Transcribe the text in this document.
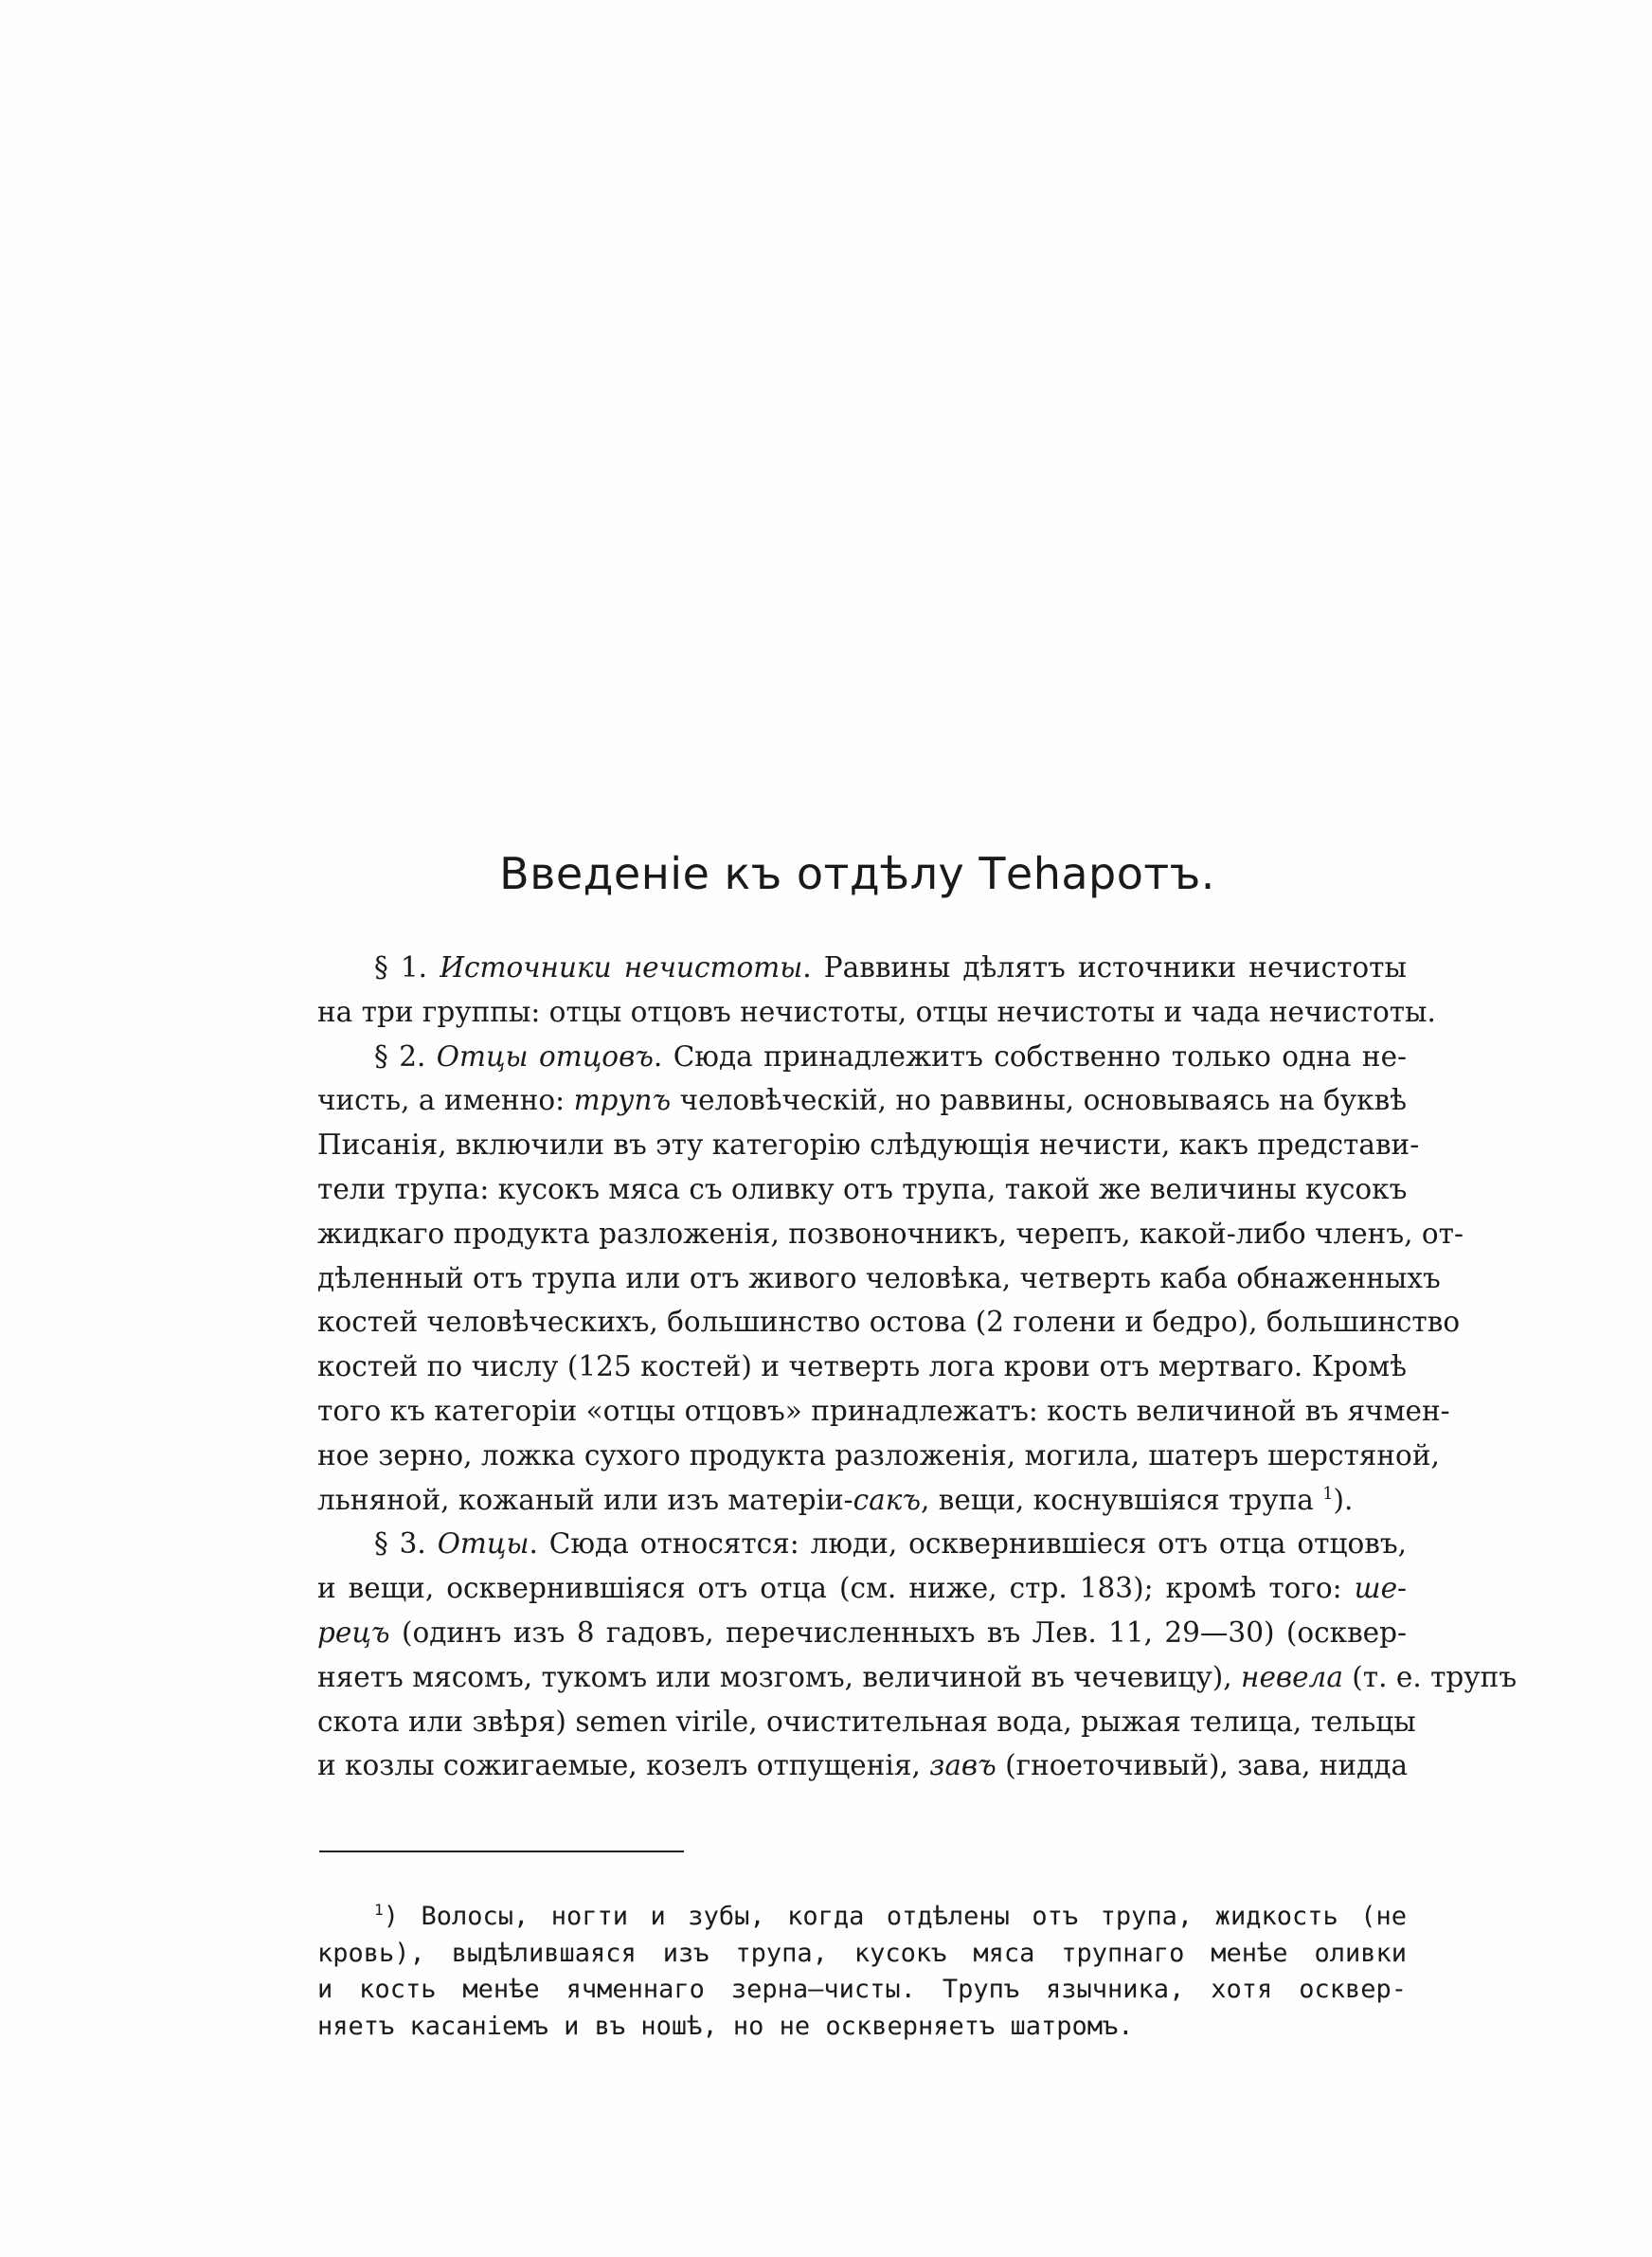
Введеніе къ отдѣлу Теһаротъ.
§ 1. Источники нечистоты. Раввины дѣлятъ источники нечистоты
на три группы: отцы отцовъ нечистоты, отцы нечистоты и чада нечистоты.
§ 2. Отцы отцовъ. Сюда принадлежитъ собственно только одна не-
чисть, а именно: трупъ человѣческій, но раввины, основываясь на буквѣ
Писанія, включили въ эту категорію слѣдующія нечисти, какъ представи-
тели трупа: кусокъ мяса съ оливку отъ трупа, такой же величины кусокъ
жидкаго продукта разложенія, позвоночникъ, черепъ, какой-либо членъ, от-
дѣленный отъ трупа или отъ живого человѣка, четверть каба обнаженныхъ
костей человѣческихъ, большинство остова (2 голени и бедро), большинство
костей по числу (125 костей) и четверть лога крови отъ мертваго. Кромѣ
того къ категоріи «отцы отцовъ» принадлежатъ: кость величиной въ ячмен-
ное зерно, ложка сухого продукта разложенія, могила, шатеръ шерстяной,
льняной, кожаный или изъ матеріи-сакъ, вещи, коснувшіяся трупа $^1$).
§ 3. Отцы. Сюда относятся: люди, осквернившіеся отъ отца отцовъ,
и вещи, осквернившіяся отъ отца (см. ниже, стр. 183); кромѣ того: ше-
рецъ (одинъ изъ 8 гадовъ, перечисленныхъ въ Лев. 11, 29—30) (осквер-
няетъ мясомъ, тукомъ или мозгомъ, величиной въ чечевицу), невела (т. е. трупъ
скота или звѣря) semen virile, очистительная вода, рыжая телица, тельцы
и козлы сожигаемые, козелъ отпущенія, завъ (гноеточивый), зава, нидда
$^1$) Волосы, ногти и зубы, когда отдѣлены отъ трупа, жидкость (не
кровь), выдѣлившаяся изъ трупа, кусокъ мяса трупнаго менѣе оливки
и кость менѣе ячменнаго зерна—чисты. Трупъ язычника, хотя осквер-
няетъ касаніемъ и въ ношѣ, но не оскверняетъ шатромъ.
